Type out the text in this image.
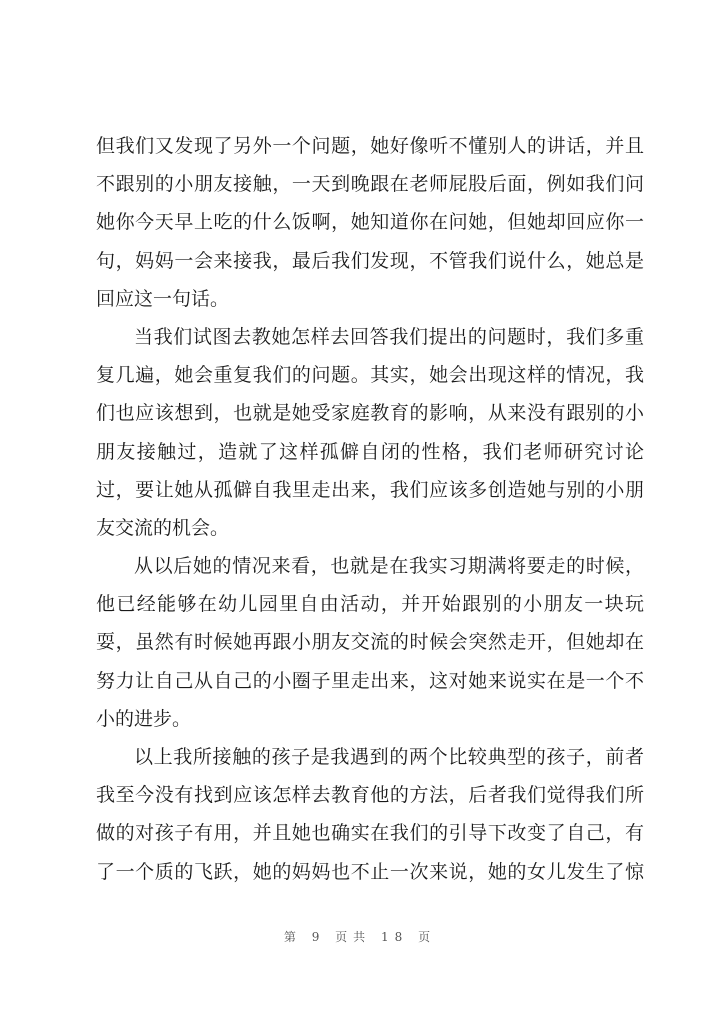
但我们又发现了另外一个问题，她好像听不懂别人的讲话，并且
不跟别的小朋友接触，一天到晚跟在老师屁股后面，例如我们问
她你今天早上吃的什么饭啊，她知道你在问她，但她却回应你一
句，妈妈一会来接我，最后我们发现，不管我们说什么，她总是
回应这一句话。
当我们试图去教她怎样去回答我们提出的问题时，我们多重
复几遍，她会重复我们的问题。其实，她会出现这样的情况，我
们也应该想到，也就是她受家庭教育的影响，从来没有跟别的小
朋友接触过，造就了这样孤僻自闭的性格，我们老师研究讨论
过，要让她从孤僻自我里走出来，我们应该多创造她与别的小朋
友交流的机会。
从以后她的情况来看，也就是在我实习期满将要走的时候，
他已经能够在幼儿园里自由活动，并开始跟别的小朋友一块玩
耍，虽然有时候她再跟小朋友交流的时候会突然走开，但她却在
努力让自己从自己的小圈子里走出来，这对她来说实在是一个不
小的进步。
以上我所接触的孩子是我遇到的两个比较典型的孩子，前者
我至今没有找到应该怎样去教育他的方法，后者我们觉得我们所
做的对孩子有用，并且她也确实在我们的引导下改变了自己，有
了一个质的飞跃，她的妈妈也不止一次来说，她的女儿发生了惊
第 9 页共 18 页
